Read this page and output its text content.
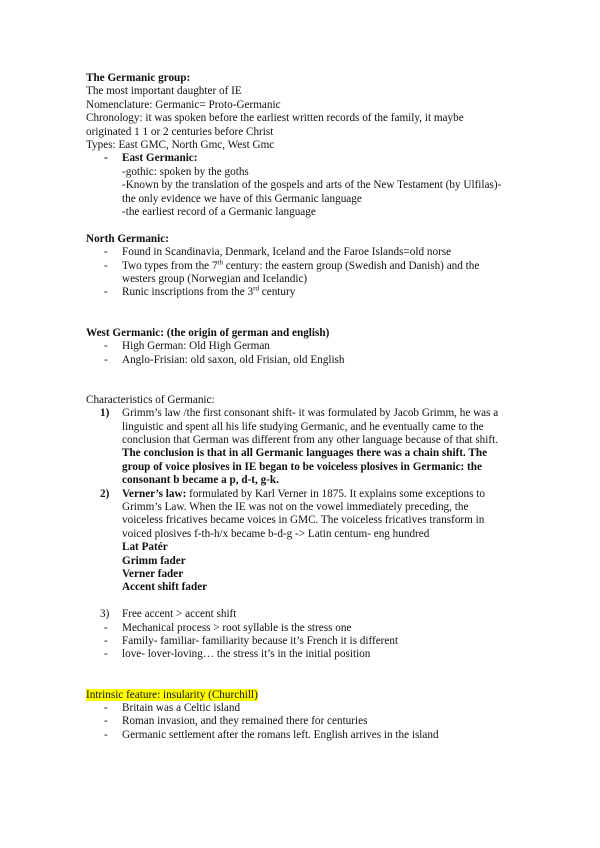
The Germanic group:

The most important daughter of IE

Nomenclature: Germanic= Proto-Germanic

Chronology: it was spoken before the earliest written records of the family, it maybe originated 1 1 or 2 centuries before Christ

Types: East GMC, North Gmc, West Gmc

- East Germanic:

-gothic: spoken by the goths

-Known by the translation of the gospels and arts of the New Testament (by Ulfilas)- the only evidence we have of this Germanic language

-the earliest record of a Germanic language

North Germanic:

- Found in Scandinavia, Denmark, Iceland and the Faroe Islands=old norse
- Two types from the 7th century: the eastern group (Swedish and Danish) and the westers group (Norwegian and Icelandic)
- Runic inscriptions from the 3rd century

West Germanic: (the origin of german and english)

- High German: Old High German
- Anglo-Frisian: old saxon, old Frisian, old English

Characteristics of Germanic:

1) Grimm’s law /the first consonant shift- it was formulated by Jacob Grimm, he was a linguistic and spent all his life studying Germanic, and he eventually came to the conclusion that German was different from any other language because of that shift. The conclusion is that in all Germanic languages there was a chain shift. The group of voice plosives in IE began to be voiceless plosives in Germanic: the consonant b became a p, d-t, g-k.
2) Verner’s law: formulated by Karl Verner in 1875. It explains some exceptions to Grimm’s Law. When the IE was not on the vowel immediately preceding, the voiceless fricatives became voices in GMC. The voiceless fricatives transform in voiced plosives f-th-h/x became b-d-g -> Latin centum- eng hundred

Lat Patér

Grimm fader

Verner fader

Accent shift fader

3) Free accent > accent shift
- Mechanical process > root syllable is the stress one
- Family- familiar- familiarity because it’s French it is different
- love- lover-loving… the stress it’s in the initial position

Intrinsic feature: insularity (Churchill)

- Britain was a Celtic island
- Roman invasion, and they remained there for centuries
- Germanic settlement after the romans left. English arrives in the island
